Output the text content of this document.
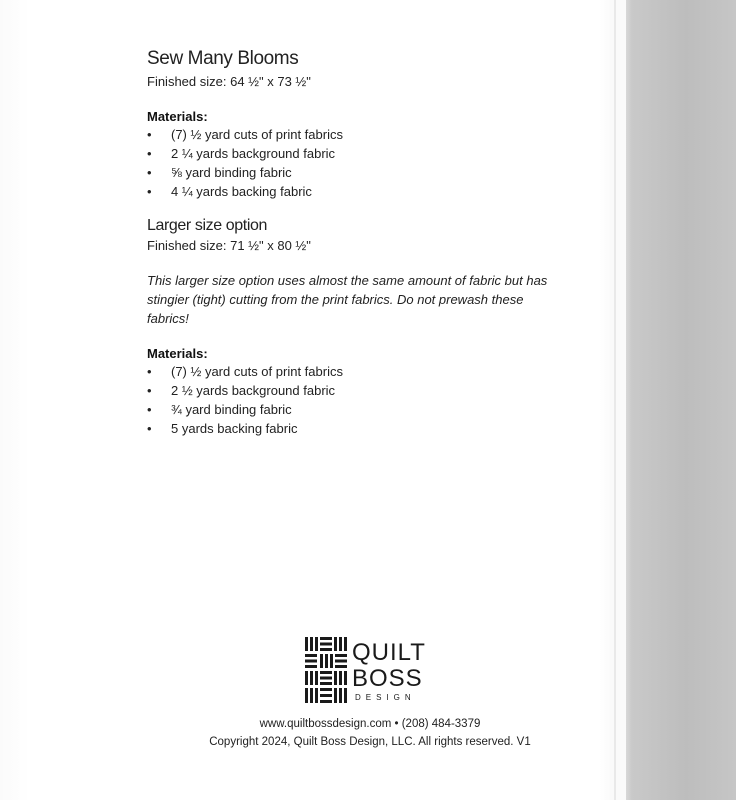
Sew Many Blooms

Finished size: 64 ½" x 73 ½"

Materials:

• (7) ½ yard cuts of print fabrics
• 2 ¼ yards background fabric
• ⅝ yard binding fabric
• 4 ¼ yards backing fabric
Larger size option

Finished size: 71 ½" x 80 ½"

This larger size option uses almost the same amount of fabric but has stingier (tight) cutting from the print fabrics. Do not prewash these fabrics!

Materials:

• (7) ½ yard cuts of print fabrics
• 2 ½ yards background fabric
• ¾ yard binding fabric
• 5 yards backing fabric
QUILT
BOSS
DESIGN
www.quiltbossdesign.com • (208) 484-3379
Copyright 2024, Quilt Boss Design, LLC. All rights reserved. V1
